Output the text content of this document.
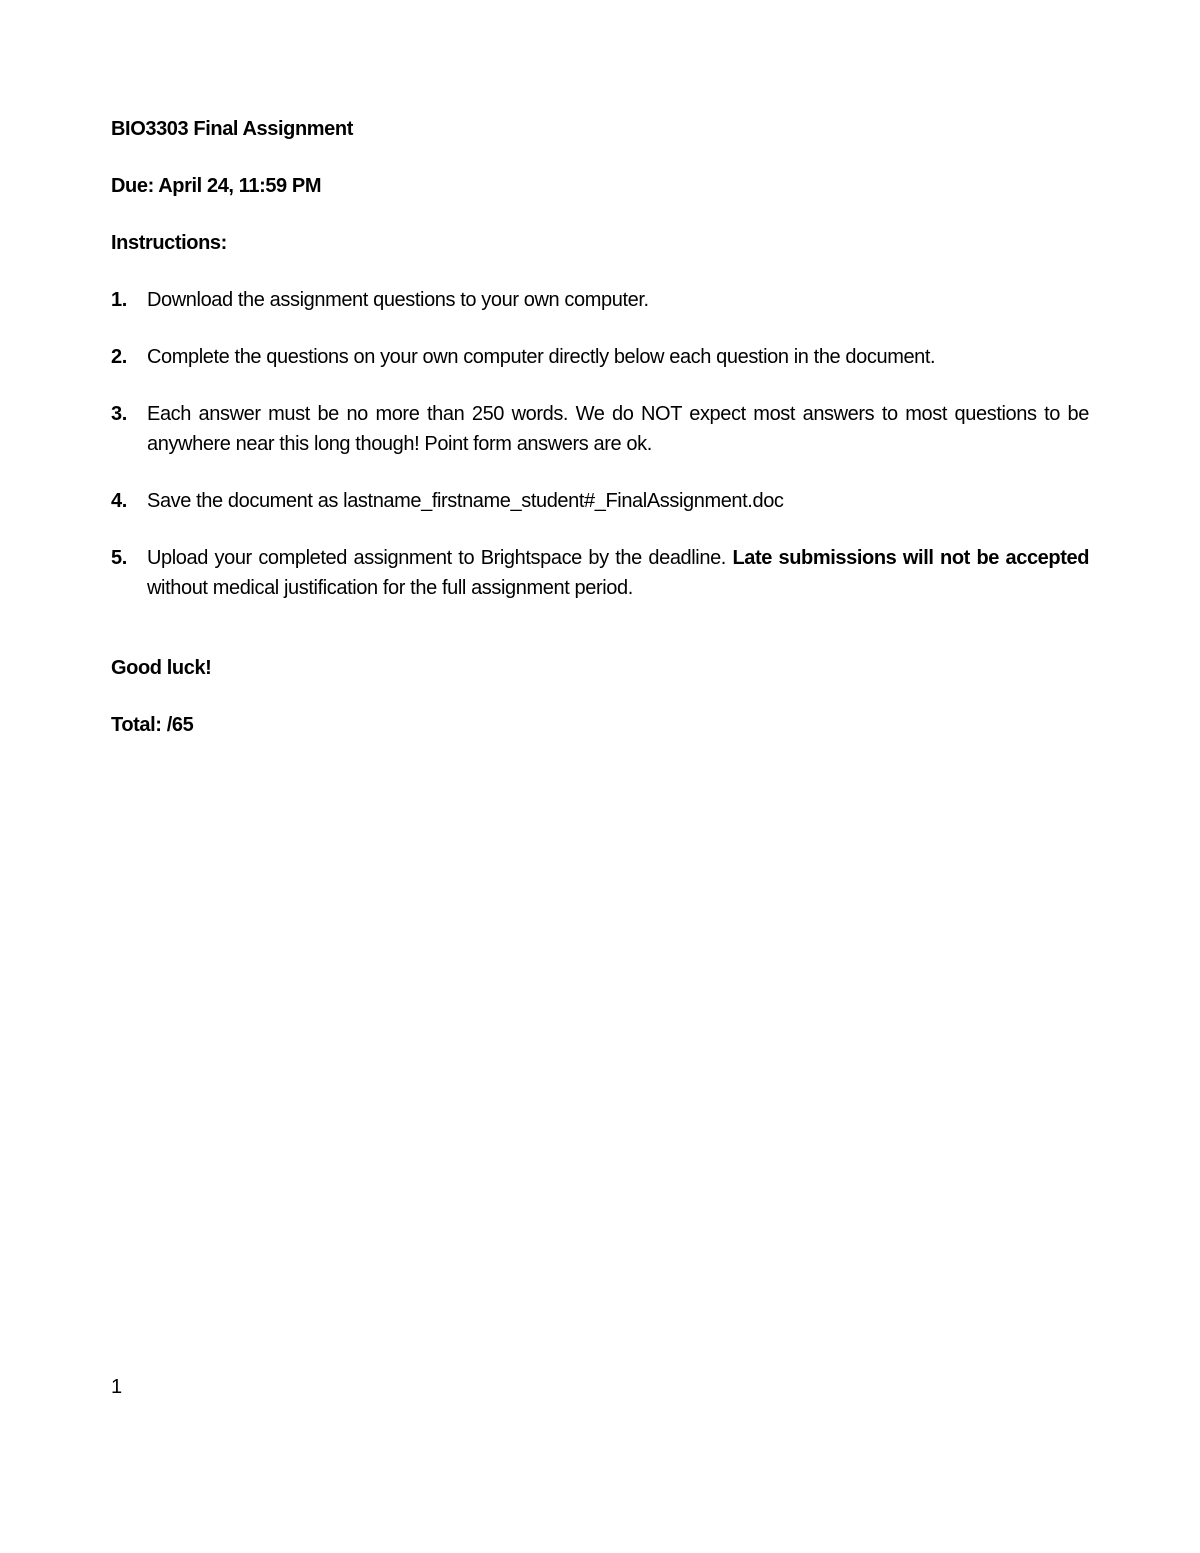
BIO3303 Final Assignment

Due: April 24, 11:59 PM

Instructions:

1. Download the assignment questions to your own computer.
2. Complete the questions on your own computer directly below each question in the document.
3. Each answer must be no more than 250 words. We do NOT expect most answers to most questions to be anywhere near this long though! Point form answers are ok.
4. Save the document as lastname_firstname_student#_FinalAssignment.doc
5. Upload your completed assignment to Brightspace by the deadline. Late submissions will not be accepted without medical justification for the full assignment period.

Good luck!

Total: /65

1
